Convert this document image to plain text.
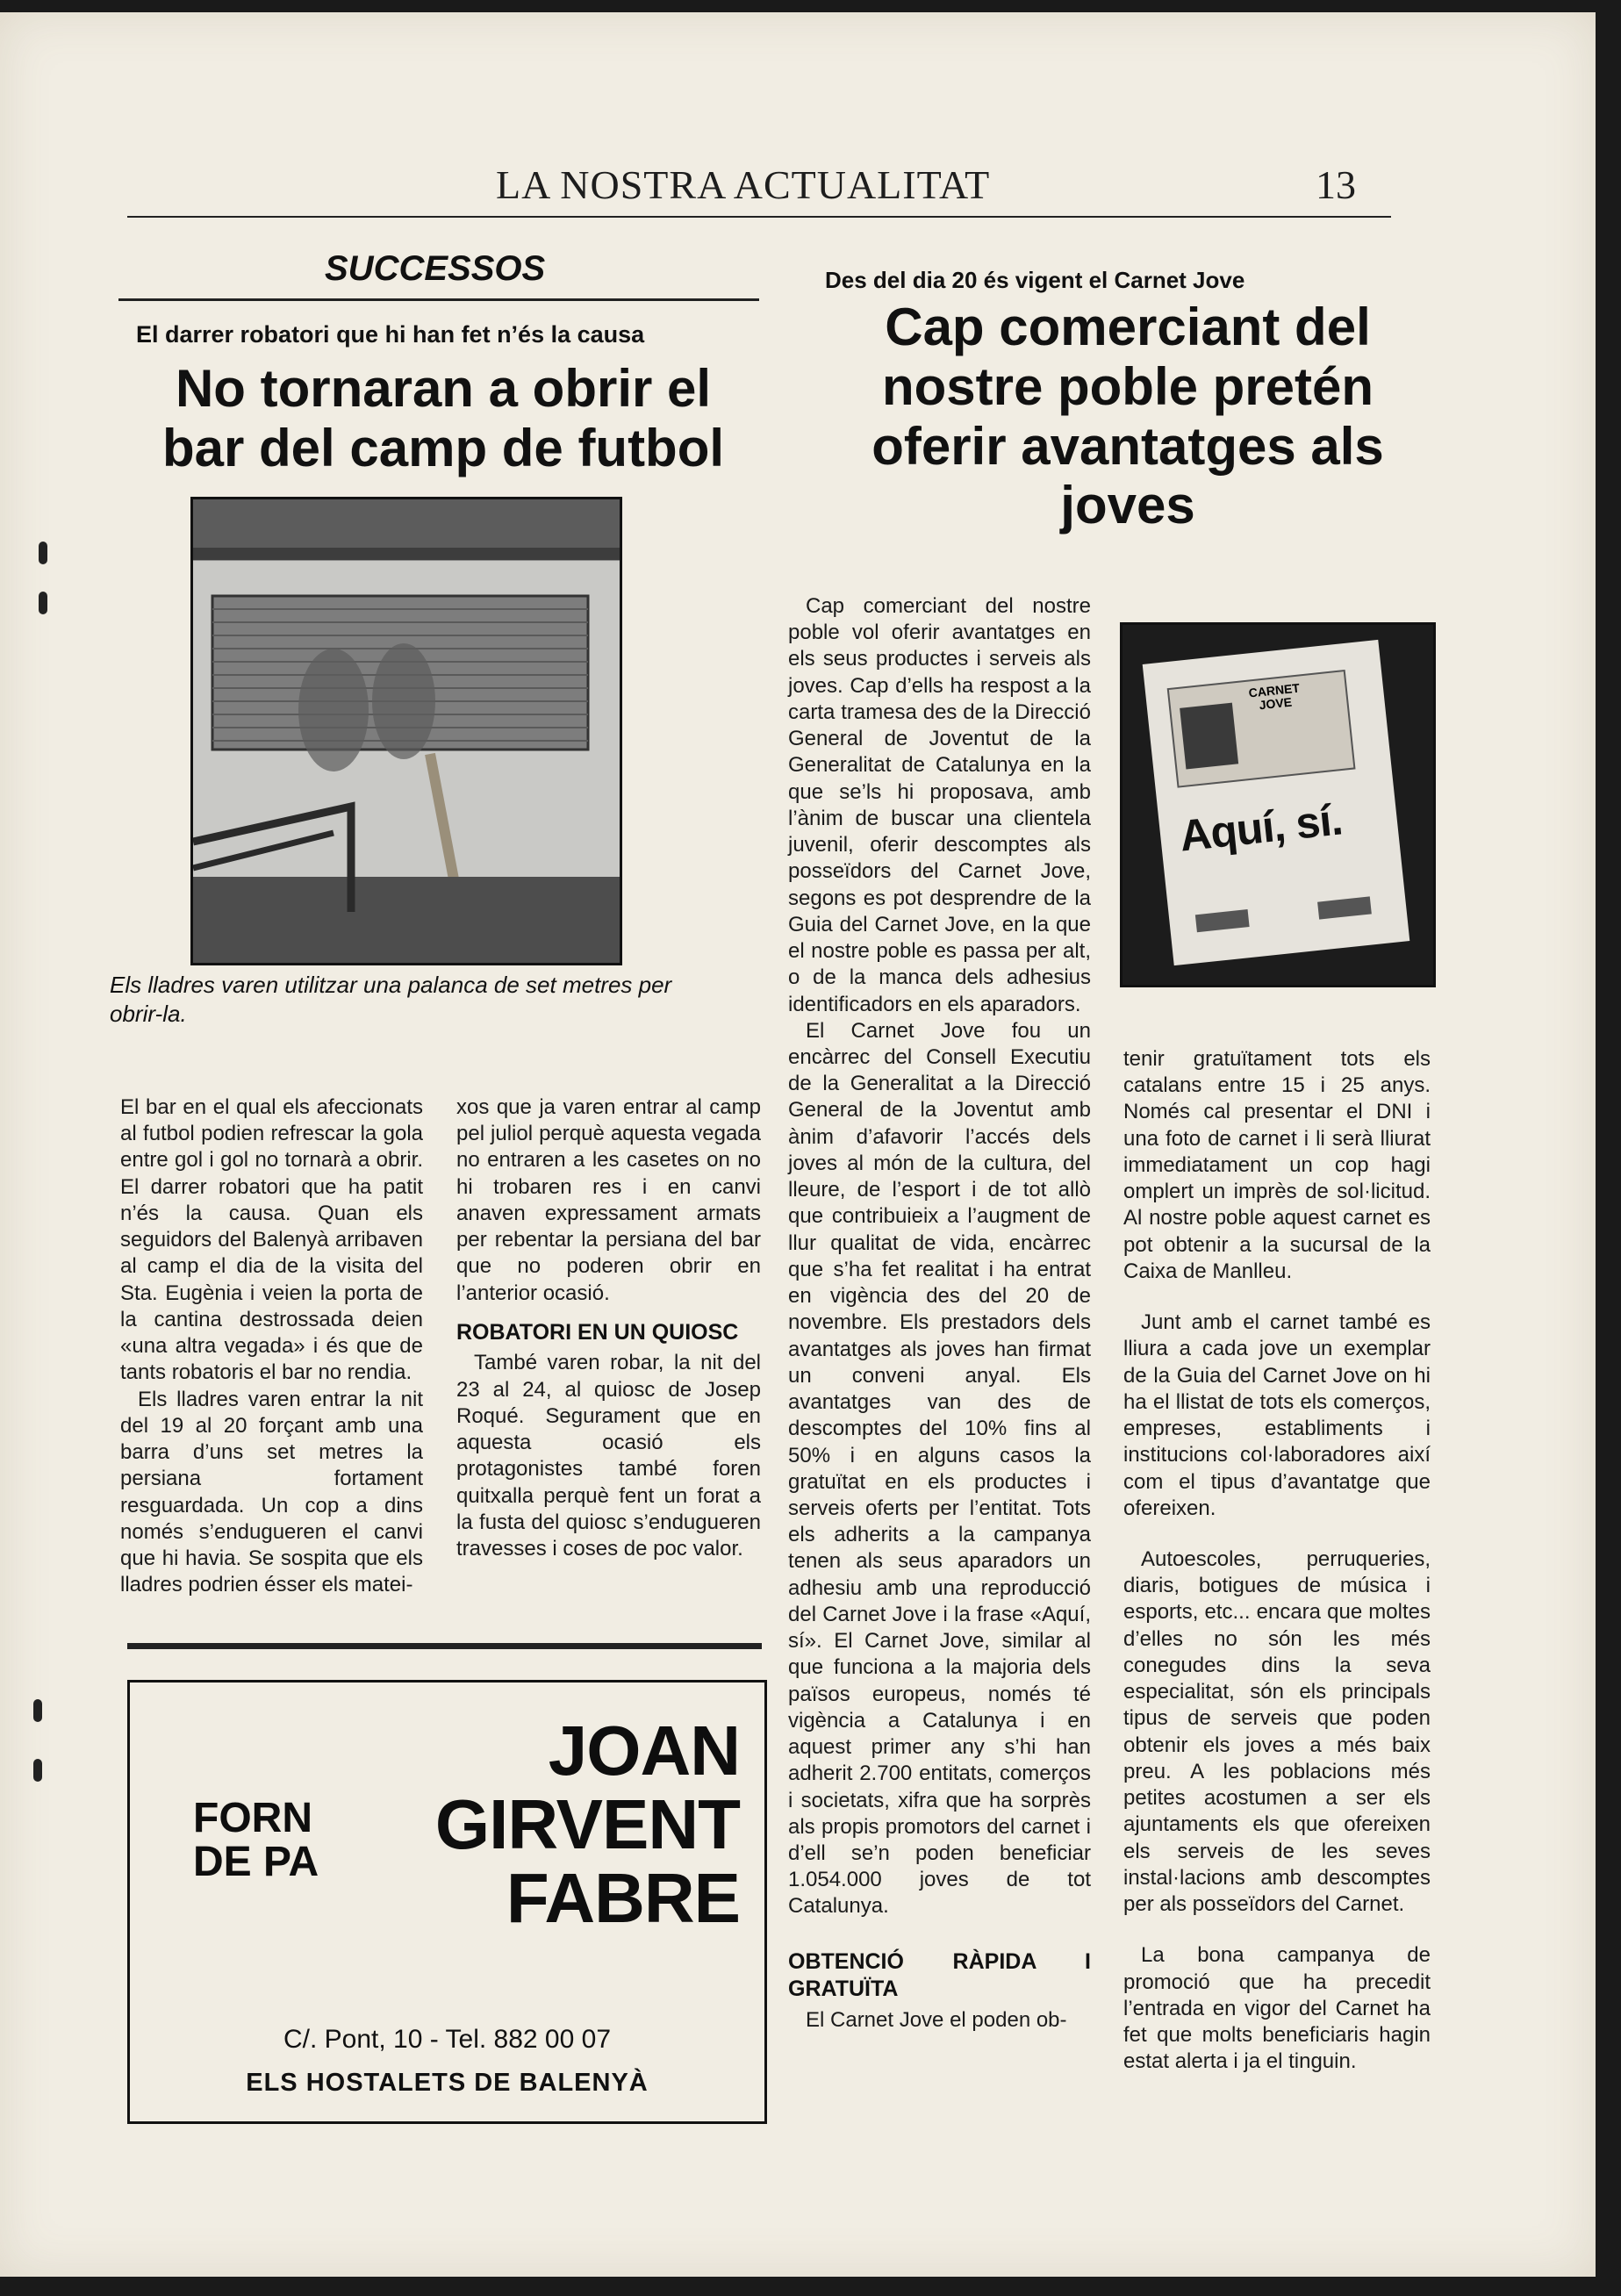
LA NOSTRA ACTUALITAT	13
SUCCESSOS
El darrer robatori que hi han fet n’és la causa
No tornaran a obrir el bar del camp de futbol
Els lladres varen utilitzar una palanca de set metres per obrir-la.

El bar en el qual els afeccionats al futbol podien refrescar la gola entre gol i gol no tornarà a obrir. El darrer robatori que ha patit n’és la causa. Quan els seguidors del Balenyà arribaven al camp el dia de la visita del Sta. Eugènia i veien la porta de la cantina destrossada deien «una altra vegada» i és que de tants robatoris el bar no rendia.

Els lladres varen entrar la nit del 19 al 20 forçant amb una barra d’uns set metres la persiana fortament resguardada. Un cop a dins només s’endugueren el canvi que hi havia. Se sospita que els lladres podrien ésser els matei-

xos que ja varen entrar al camp pel juliol perquè aquesta vegada no entraren a les casetes on no hi trobaren res i en canvi anaven expressament armats per rebentar la persiana del bar que no poderen obrir en l’anterior ocasió.

ROBATORI EN UN QUIOSC

També varen robar, la nit del 23 al 24, al quiosc de Josep Roqué. Segurament que en aquesta ocasió els protagonistes també foren quitxalla perquè fent un forat a la fusta del quiosc s’endugueren travesses i coses de poc valor.

FORN
DE PA
JOAN
GIRVENT
FABRE
C/. Pont, 10 - Tel. 882 00 07
ELS HOSTALETS DE BALENYÀ
Des del dia 20 és vigent el Carnet Jove
Cap comerciant del nostre poble pretén oferir avantatges als joves
CARNET
JOVE
Aquí, sí.

Cap comerciant del nostre poble vol oferir avantatges en els seus productes i serveis als joves. Cap d’ells ha respost a la carta tramesa des de la Direcció General de Joventut de la Generalitat de Catalunya en la que se’ls hi proposava, amb l’ànim de buscar una clientela juvenil, oferir descomptes als posseïdors del Carnet Jove, segons es pot desprendre de la Guia del Carnet Jove, en la que el nostre poble es passa per alt, o de la manca dels adhesius identificadors en els aparadors.

El Carnet Jove fou un encàrrec del Consell Executiu de la Generalitat a la Direcció General de la Joventut amb ànim d’afavorir l’accés dels joves al món de la cultura, del lleure, de l’esport i de tot allò que contribuieix a l’augment de llur qualitat de vida, encàrrec que s’ha fet realitat i ha entrat en vigència des del 20 de novembre. Els prestadors dels avantatges als joves han firmat un conveni anyal. Els avantatges van des de descomptes del 10% fins al 50% i en alguns casos la gratuïtat en els productes i serveis oferts per l’entitat. Tots els adherits a la campanya tenen als seus aparadors un adhesiu amb una reproducció del Carnet Jove i la frase «Aquí, sí». El Carnet Jove, similar al que funciona a la majoria dels països europeus, només té vigència a Catalunya i en aquest primer any s’hi han adherit 2.700 entitats, comerços i societats, xifra que ha sorprès als propis promotors del carnet i d’ell se’n poden beneficiar 1.054.000 joves de tot Catalunya.

OBTENCIÓ RÀPIDA I GRATUÏTA

El Carnet Jove el poden ob-

tenir gratuïtament tots els catalans entre 15 i 25 anys. Només cal presentar el DNI i una foto de carnet i li serà lliurat immediatament un cop hagi omplert un imprès de sol·licitud. Al nostre poble aquest carnet es pot obtenir a la sucursal de la Caixa de Manlleu.

Junt amb el carnet també es lliura a cada jove un exemplar de la Guia del Carnet Jove on hi ha el llistat de tots els comerços, empreses, establiments i institucions col·laboradores així com el tipus d’avantatge que ofereixen.

Autoescoles, perruqueries, diaris, botigues de música i esports, etc... encara que moltes d’elles no són les més conegudes dins la seva especialitat, són els principals tipus de serveis que poden obtenir els joves a més baix preu. A les poblacions més petites acostumen a ser els ajuntaments els que ofereixen els serveis de les seves instal·lacions amb descomptes per als posseïdors del Carnet.

La bona campanya de promoció que ha precedit l’entrada en vigor del Carnet ha fet que molts beneficiaris hagin estat alerta i ja el tinguin.
